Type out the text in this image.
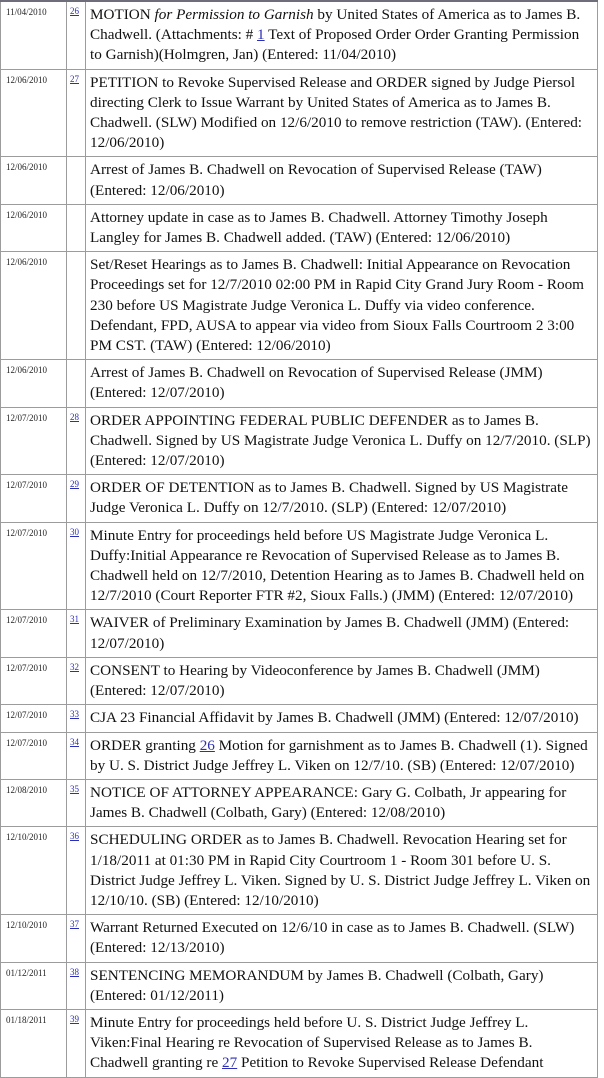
11/04/2010	26	MOTION for Permission to Garnish by United States of America as to James B. Chadwell. (Attachments: # 1 Text of Proposed Order Order Granting Permission to Garnish)(Holmgren, Jan) (Entered: 11/04/2010)
12/06/2010	27	PETITION to Revoke Supervised Release and ORDER signed by Judge Piersol directing Clerk to Issue Warrant by United States of America as to James B. Chadwell. (SLW) Modified on 12/6/2010 to remove restriction (TAW). (Entered: 12/06/2010)
12/06/2010		Arrest of James B. Chadwell on Revocation of Supervised Release (TAW) (Entered: 12/06/2010)
12/06/2010		Attorney update in case as to James B. Chadwell. Attorney Timothy Joseph Langley for James B. Chadwell added. (TAW) (Entered: 12/06/2010)
12/06/2010		Set/Reset Hearings as to James B. Chadwell: Initial Appearance on Revocation Proceedings set for 12/7/2010 02:00 PM in Rapid City Grand Jury Room - Room 230 before US Magistrate Judge Veronica L. Duffy via video conference. Defendant, FPD, AUSA to appear via video from Sioux Falls Courtroom 2 3:00 PM CST. (TAW) (Entered: 12/06/2010)
12/06/2010		Arrest of James B. Chadwell on Revocation of Supervised Release (JMM) (Entered: 12/07/2010)
12/07/2010	28	ORDER APPOINTING FEDERAL PUBLIC DEFENDER as to James B. Chadwell. Signed by US Magistrate Judge Veronica L. Duffy on 12/7/2010. (SLP) (Entered: 12/07/2010)
12/07/2010	29	ORDER OF DETENTION as to James B. Chadwell. Signed by US Magistrate Judge Veronica L. Duffy on 12/7/2010. (SLP) (Entered: 12/07/2010)
12/07/2010	30	Minute Entry for proceedings held before US Magistrate Judge Veronica L. Duffy:Initial Appearance re Revocation of Supervised Release as to James B. Chadwell held on 12/7/2010, Detention Hearing as to James B. Chadwell held on 12/7/2010 (Court Reporter FTR #2, Sioux Falls.) (JMM) (Entered: 12/07/2010)
12/07/2010	31	WAIVER of Preliminary Examination by James B. Chadwell (JMM) (Entered: 12/07/2010)
12/07/2010	32	CONSENT to Hearing by Videoconference by James B. Chadwell (JMM) (Entered: 12/07/2010)
12/07/2010	33	CJA 23 Financial Affidavit by James B. Chadwell (JMM) (Entered: 12/07/2010)
12/07/2010	34	ORDER granting 26 Motion for garnishment as to James B. Chadwell (1). Signed by U. S. District Judge Jeffrey L. Viken on 12/7/10. (SB) (Entered: 12/07/2010)
12/08/2010	35	NOTICE OF ATTORNEY APPEARANCE: Gary G. Colbath, Jr appearing for James B. Chadwell (Colbath, Gary) (Entered: 12/08/2010)
12/10/2010	36	SCHEDULING ORDER as to James B. Chadwell. Revocation Hearing set for 1/18/2011 at 01:30 PM in Rapid City Courtroom 1 - Room 301 before U. S. District Judge Jeffrey L. Viken. Signed by U. S. District Judge Jeffrey L. Viken on 12/10/10. (SB) (Entered: 12/10/2010)
12/10/2010	37	Warrant Returned Executed on 12/6/10 in case as to James B. Chadwell. (SLW) (Entered: 12/13/2010)
01/12/2011	38	SENTENCING MEMORANDUM by James B. Chadwell (Colbath, Gary) (Entered: 01/12/2011)
01/18/2011	39	Minute Entry for proceedings held before U. S. District Judge Jeffrey L. Viken:Final Hearing re Revocation of Supervised Release as to James B. Chadwell granting re 27 Petition to Revoke Supervised Release Defendant
